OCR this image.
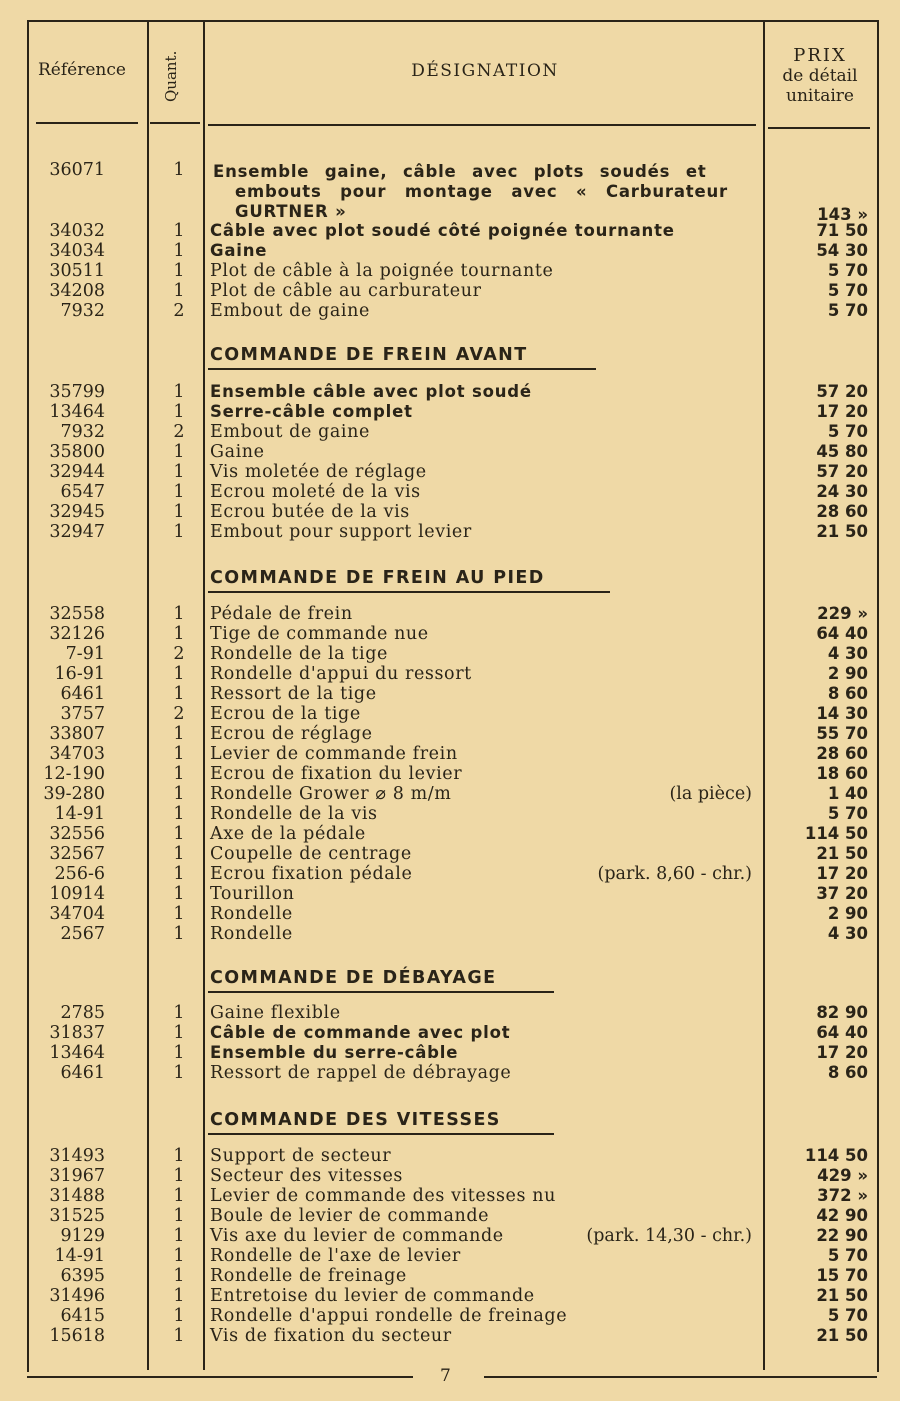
Référence Quant.	DÉSIGNATION
PRIX
de détail
unitaire
36071	1 Ensemble gaine, câble avec plots soudés et
embouts pour montage avec « Carburateur
GURTNER »	143 »
34032	1 Câble avec plot soudé côté poignée tournante	71 50
34034	1 Gaine	54 30
30511	1 Plot de câble à la poignée tournante	5 70
34208	1 Plot de câble au carburateur	5 70
7932	2 Embout de gaine	5 70
COMMANDE DE FREIN AVANT
35799	1 Ensemble câble avec plot soudé	57 20
13464	1 Serre-câble complet	17 20
7932	2 Embout de gaine	5 70
35800	1 Gaine	45 80
32944	1 Vis moletée de réglage	57 20
6547	1 Ecrou moleté de la vis	24 30
32945	1 Ecrou butée de la vis	28 60
32947	1 Embout pour support levier	21 50
COMMANDE DE FREIN AU PIED
32558	1 Pédale de frein	229 »
32126	1 Tige de commande nue	64 40
7-91	2 Rondelle de la tige	4 30
16-91	1 Rondelle d'appui du ressort	2 90
6461	1 Ressort de la tige	8 60
3757	2 Ecrou de la tige	14 30
33807	1 Ecrou de réglage	55 70
34703	1 Levier de commande frein	28 60
12-190	1 Ecrou de fixation du levier	18 60
39-280	1 Rondelle Grower ⌀ 8 m/m	(la pièce)	1 40
14-91	1 Rondelle de la vis	5 70
32556	1 Axe de la pédale	114 50
32567	1 Coupelle de centrage	21 50
256-6	1 Ecrou fixation pédale	(park. 8,60 - chr.)	17 20
10914	1 Tourillon	37 20
34704	1 Rondelle	2 90
2567	1 Rondelle	4 30
COMMANDE DE DÉBAYAGE
2785	1 Gaine flexible	82 90
31837	1 Câble de commande avec plot	64 40
13464	1 Ensemble du serre-câble	17 20
6461	1 Ressort de rappel de débrayage	8 60
COMMANDE DES VITESSES
31493	1 Support de secteur	114 50
31967	1 Secteur des vitesses	429 »
31488	1 Levier de commande des vitesses nu	372 »
31525	1 Boule de levier de commande	42 90
9129	1 Vis axe du levier de commande	(park. 14,30 - chr.)	22 90
14-91	1 Rondelle de l'axe de levier	5 70
6395	1 Rondelle de freinage	15 70
31496	1 Entretoise du levier de commande	21 50
6415	1 Rondelle d'appui rondelle de freinage	5 70
15618	1 Vis de fixation du secteur	21 50
7
